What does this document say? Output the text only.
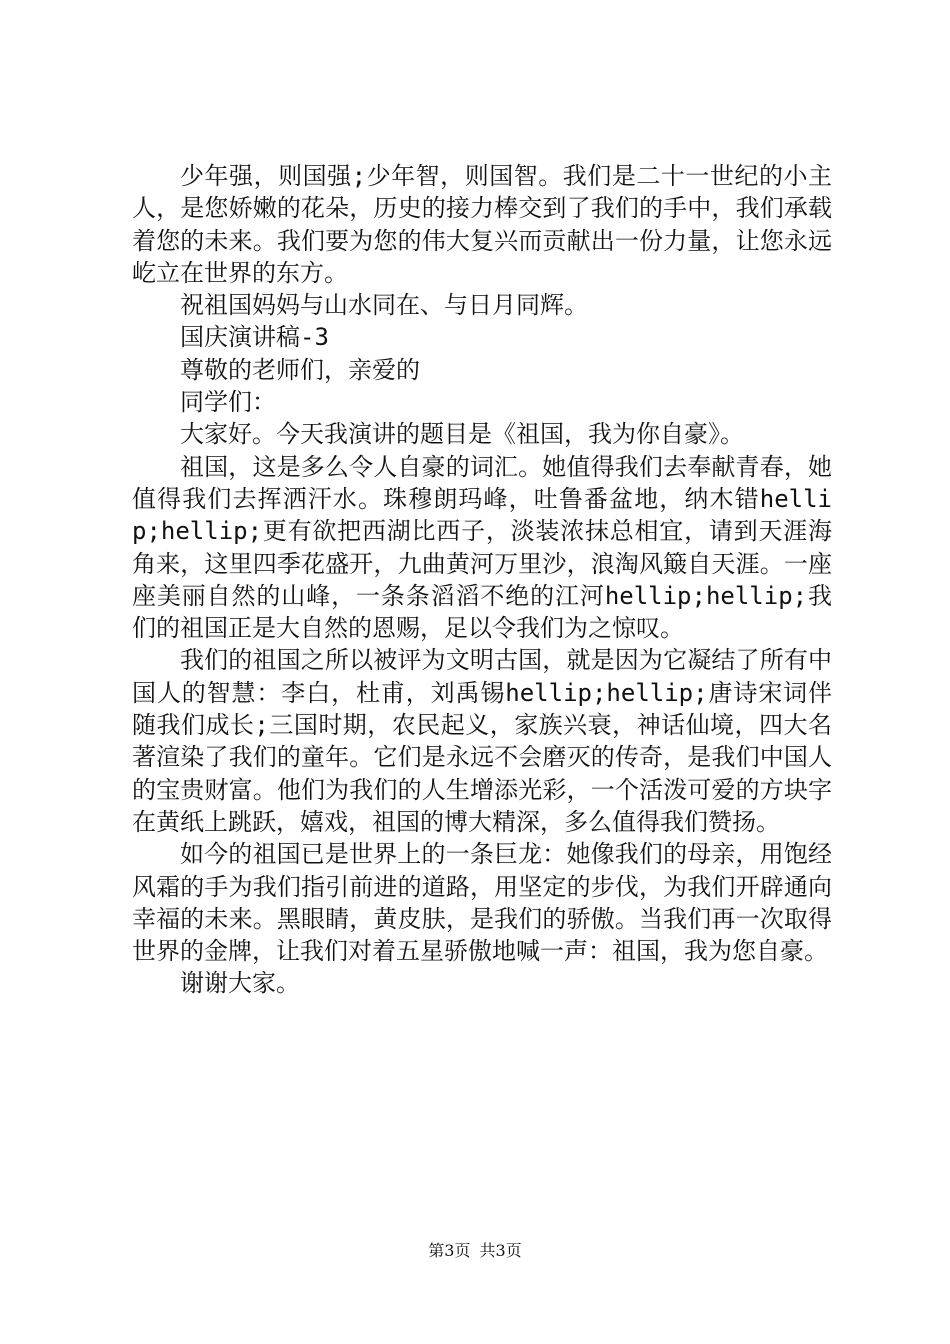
少年强，则国强;少年智，则国智。我们是二十一世纪的小主人，是您娇嫩的花朵，历史的接力棒交到了我们的手中，我们承载着您的未来。我们要为您的伟大复兴而贡献出一份力量，让您永远屹立在世界的东方。

祝祖国妈妈与山水同在、与日月同辉。

国庆演讲稿-3

尊敬的老师们，亲爱的

同学们：

大家好。今天我演讲的题目是《祖国，我为你自豪》。

祖国，这是多么令人自豪的词汇。她值得我们去奉献青春，她值得我们去挥洒汗水。珠穆朗玛峰，吐鲁番盆地，纳木错hellip;hellip;更有欲把西湖比西子，淡装浓抹总相宜，请到天涯海角来，这里四季花盛开，九曲黄河万里沙，浪淘风簸自天涯。一座座美丽自然的山峰，一条条滔滔不绝的江河hellip;hellip;我们的祖国正是大自然的恩赐，足以令我们为之惊叹。

我们的祖国之所以被评为文明古国，就是因为它凝结了所有中国人的智慧：李白，杜甫，刘禹锡hellip;hellip;唐诗宋词伴随我们成长;三国时期，农民起义，家族兴衰，神话仙境，四大名著渲染了我们的童年。它们是永远不会磨灭的传奇，是我们中国人的宝贵财富。他们为我们的人生增添光彩，一个活泼可爱的方块字在黄纸上跳跃，嬉戏，祖国的博大精深，多么值得我们赞扬。

如今的祖国已是世界上的一条巨龙：她像我们的母亲，用饱经风霜的手为我们指引前进的道路，用坚定的步伐，为我们开辟通向幸福的未来。黑眼睛，黄皮肤，是我们的骄傲。当我们再一次取得世界的金牌，让我们对着五星骄傲地喊一声：祖国，我为您自豪。

谢谢大家。

第3页 共3页
